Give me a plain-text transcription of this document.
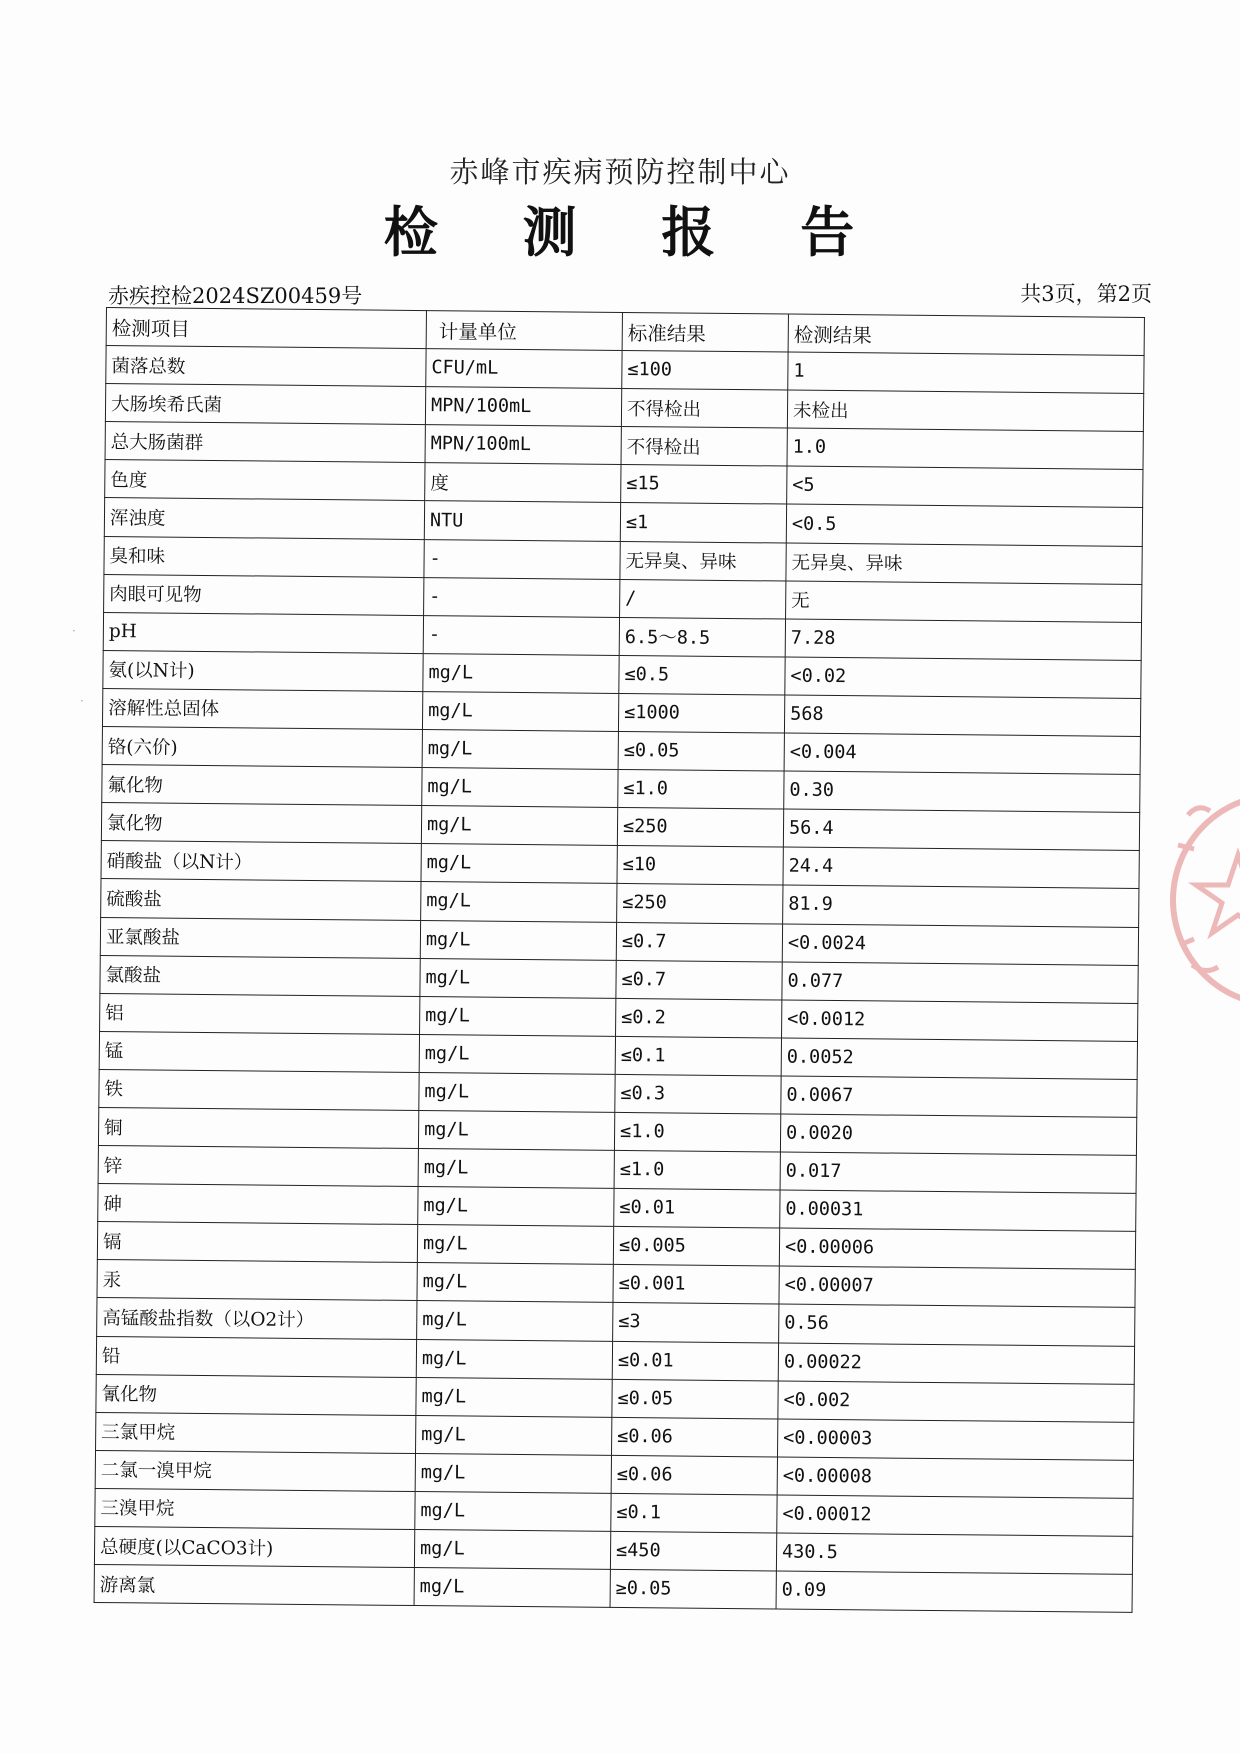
赤峰市疾病预防控制中心
检 测 报 告
赤疾控检2024SZ00459号	共3页，第2页
检测项目	计量单位	标准结果	检测结果
菌落总数	CFU/mL	≤100	1
大肠埃希氏菌	MPN/100mL	不得检出	未检出
总大肠菌群	MPN/100mL	不得检出	1.0
色度	度	≤15	<5
浑浊度	NTU	≤1	<0.5
臭和味	-	无异臭、异味	无异臭、异味
肉眼可见物	-	/	无
pH	-	6.5～8.5	7.28
氨(以N计)	mg/L	≤0.5	<0.02
溶解性总固体	mg/L	≤1000	568
铬(六价)	mg/L	≤0.05	<0.004
氟化物	mg/L	≤1.0	0.30
氯化物	mg/L	≤250	56.4
硝酸盐（以N计）	mg/L	≤10	24.4
硫酸盐	mg/L	≤250	81.9
亚氯酸盐	mg/L	≤0.7	<0.0024
氯酸盐	mg/L	≤0.7	0.077
铝	mg/L	≤0.2	<0.0012
锰	mg/L	≤0.1	0.0052
铁	mg/L	≤0.3	0.0067
铜	mg/L	≤1.0	0.0020
锌	mg/L	≤1.0	0.017
砷	mg/L	≤0.01	0.00031
镉	mg/L	≤0.005	<0.00006
汞	mg/L	≤0.001	<0.00007
高锰酸盐指数（以O2计）	mg/L	≤3	0.56
铅	mg/L	≤0.01	0.00022
氰化物	mg/L	≤0.05	<0.002
三氯甲烷	mg/L	≤0.06	<0.00003
二氯一溴甲烷	mg/L	≤0.06	<0.00008
三溴甲烷	mg/L	≤0.1	<0.00012
总硬度(以CaCO3计)	mg/L	≤450	430.5
游离氯	mg/L	≥0.05	0.09
·
·
